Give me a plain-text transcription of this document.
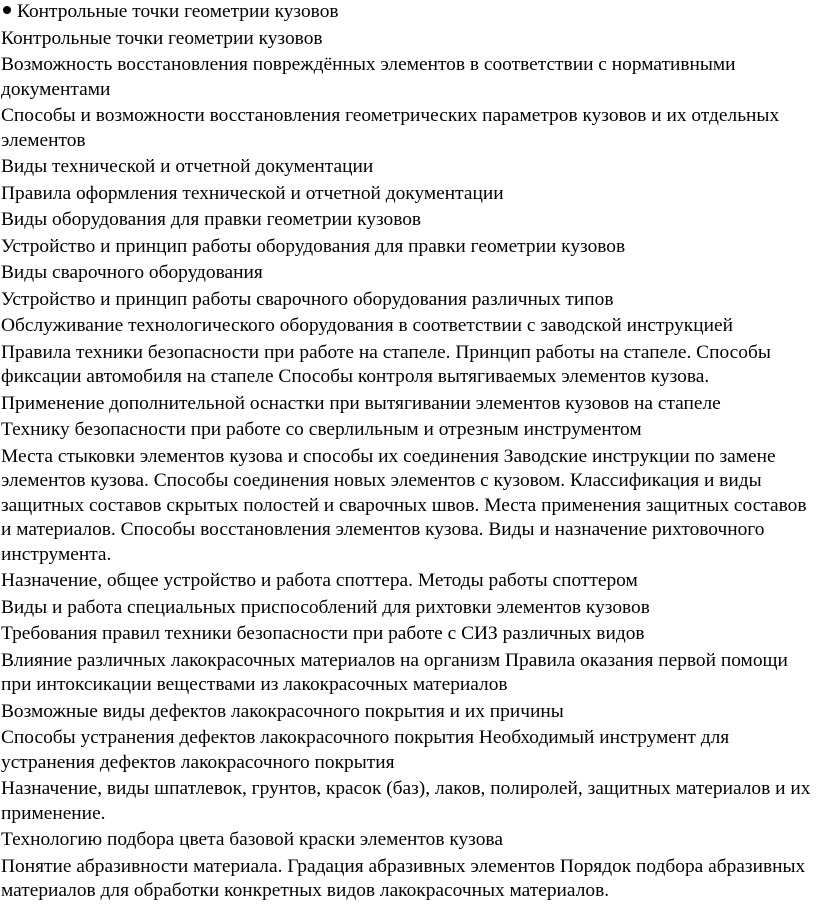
Контрольные точки геометрии кузовов
Контрольные точки геометрии кузовов
Возможность восстановления повреждённых элементов в соответствии с нормативными документами
Способы и возможности восстановления геометрических параметров кузовов и их отдельных элементов
Виды технической и отчетной документации
Правила оформления технической и отчетной документации
Виды оборудования для правки геометрии кузовов
Устройство и принцип работы оборудования для правки геометрии кузовов
Виды сварочного оборудования
Устройство и принцип работы сварочного оборудования различных типов
Обслуживание технологического оборудования в соответствии с заводской инструкцией
Правила техники безопасности при работе на стапеле. Принцип работы на стапеле. Способы фиксации автомобиля на стапеле Способы контроля вытягиваемых элементов кузова.
Применение дополнительной оснастки при вытягивании элементов кузовов на стапеле
Технику безопасности при работе со сверлильным и отрезным инструментом
Места стыковки элементов кузова и способы их соединения Заводские инструкции по замене элементов кузова. Способы соединения новых элементов с кузовом. Классификация и виды защитных составов скрытых полостей и сварочных швов. Места применения защитных составов и материалов. Способы восстановления элементов кузова. Виды и назначение рихтовочного инструмента.
Назначение, общее устройство и работа споттера. Методы работы споттером
Виды и работа специальных приспособлений для рихтовки элементов кузовов
Требования правил техники безопасности при работе с СИЗ различных видов
Влияние различных лакокрасочных материалов на организм Правила оказания первой помощи при интоксикации веществами из лакокрасочных материалов
Возможные виды дефектов лакокрасочного покрытия и их причины
Способы устранения дефектов лакокрасочного покрытия Необходимый инструмент для устранения дефектов лакокрасочного покрытия
Назначение, виды шпатлевок, грунтов, красок (баз), лаков, полиролей, защитных материалов и их применение.
Технологию подбора цвета базовой краски элементов кузова
Понятие абразивности материала. Градация абразивных элементов Порядок подбора абразивных материалов для обработки конкретных видов лакокрасочных материалов.
